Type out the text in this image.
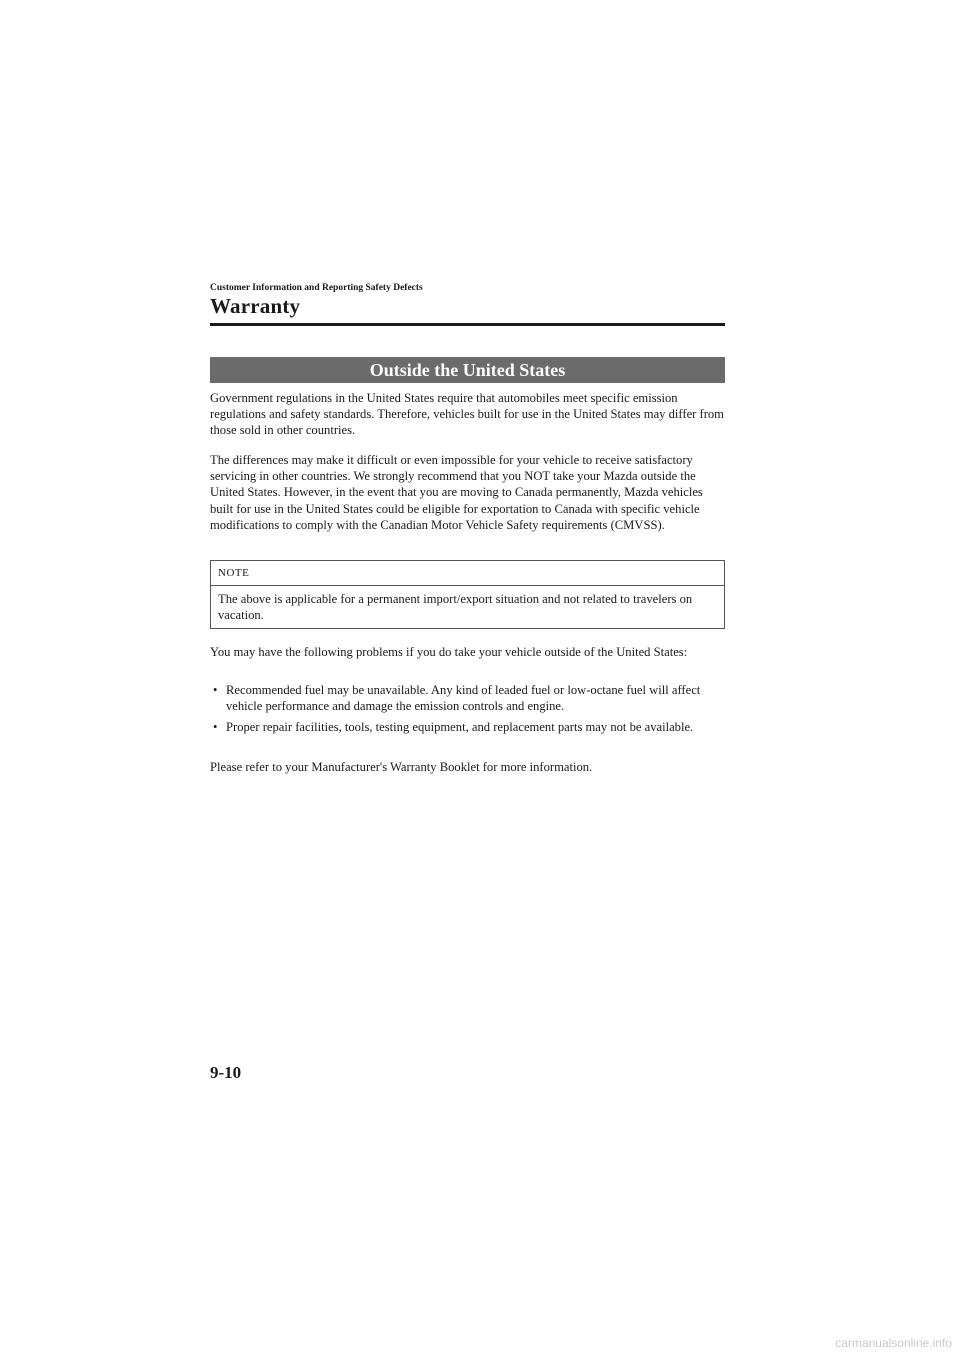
Customer Information and Reporting Safety Defects
Warranty
Outside the United States
Government regulations in the United States require that automobiles meet specific emission regulations and safety standards. Therefore, vehicles built for use in the United States may differ from those sold in other countries.
The differences may make it difficult or even impossible for your vehicle to receive satisfactory servicing in other countries. We strongly recommend that you NOT take your Mazda outside the United States. However, in the event that you are moving to Canada permanently, Mazda vehicles built for use in the United States could be eligible for exportation to Canada with specific vehicle modifications to comply with the Canadian Motor Vehicle Safety requirements (CMVSS).
NOTE
The above is applicable for a permanent import/export situation and not related to travelers on vacation.
You may have the following problems if you do take your vehicle outside of the United States:
• Recommended fuel may be unavailable. Any kind of leaded fuel or low-octane fuel will affect vehicle performance and damage the emission controls and engine.
• Proper repair facilities, tools, testing equipment, and replacement parts may not be available.
Please refer to your Manufacturer's Warranty Booklet for more information.
9-10
carmanualsonline.info
